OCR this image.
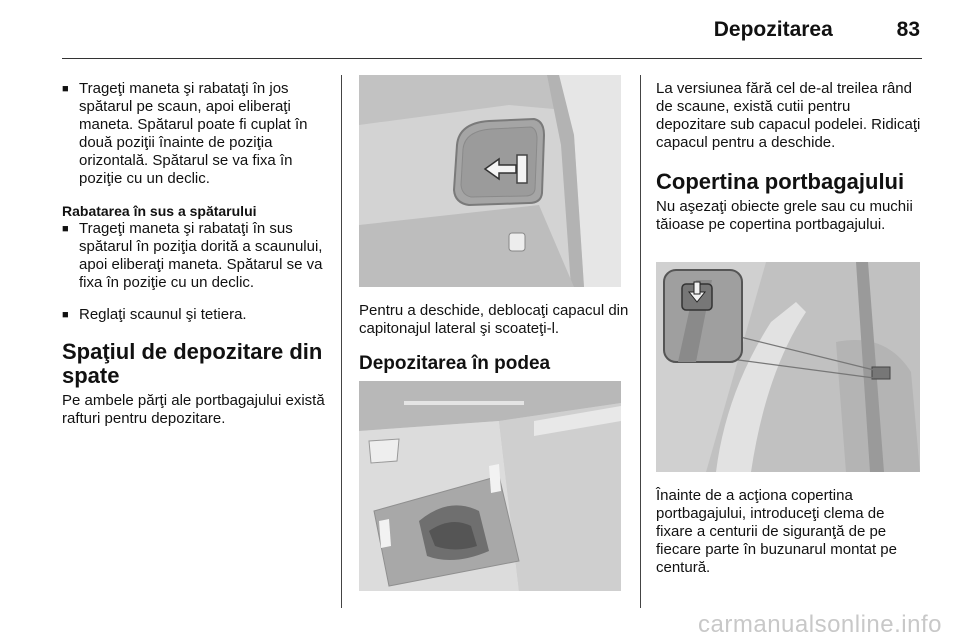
Depozitarea	83

■ Trageţi maneta şi rabataţi în jos spătarul pe scaun, apoi eliberaţi maneta. Spătarul poate fi cuplat în două poziţii înainte de poziţia orizontală. Spătarul se va fixa în poziţie cu un declic.

Rabatarea în sus a spătarului

■ Trageţi maneta şi rabataţi în sus spătarul în poziţia dorită a scaunului, apoi eliberaţi maneta. Spătarul se va fixa în poziţie cu un declic.

■ Reglaţi scaunul şi tetiera.

Spaţiul de depozitare din spate

Pe ambele părţi ale portbagajului există rafturi pentru depozitare.

Pentru a deschide, deblocaţi capacul din capitonajul lateral şi scoateţi-l.

Depozitarea în podea

La versiunea fără cel de-al treilea rând de scaune, există cutii pentru depozitare sub capacul podelei. Ridicaţi capacul pentru a deschide.

Copertina portbagajului

Nu aşezaţi obiecte grele sau cu muchii tăioase pe copertina portbagajului.

Înainte de a acţiona copertina portbagajului, introduceţi clema de fixare a centurii de siguranţă de pe fiecare parte în buzunarul montat pe centură.

carmanualsonline.info
